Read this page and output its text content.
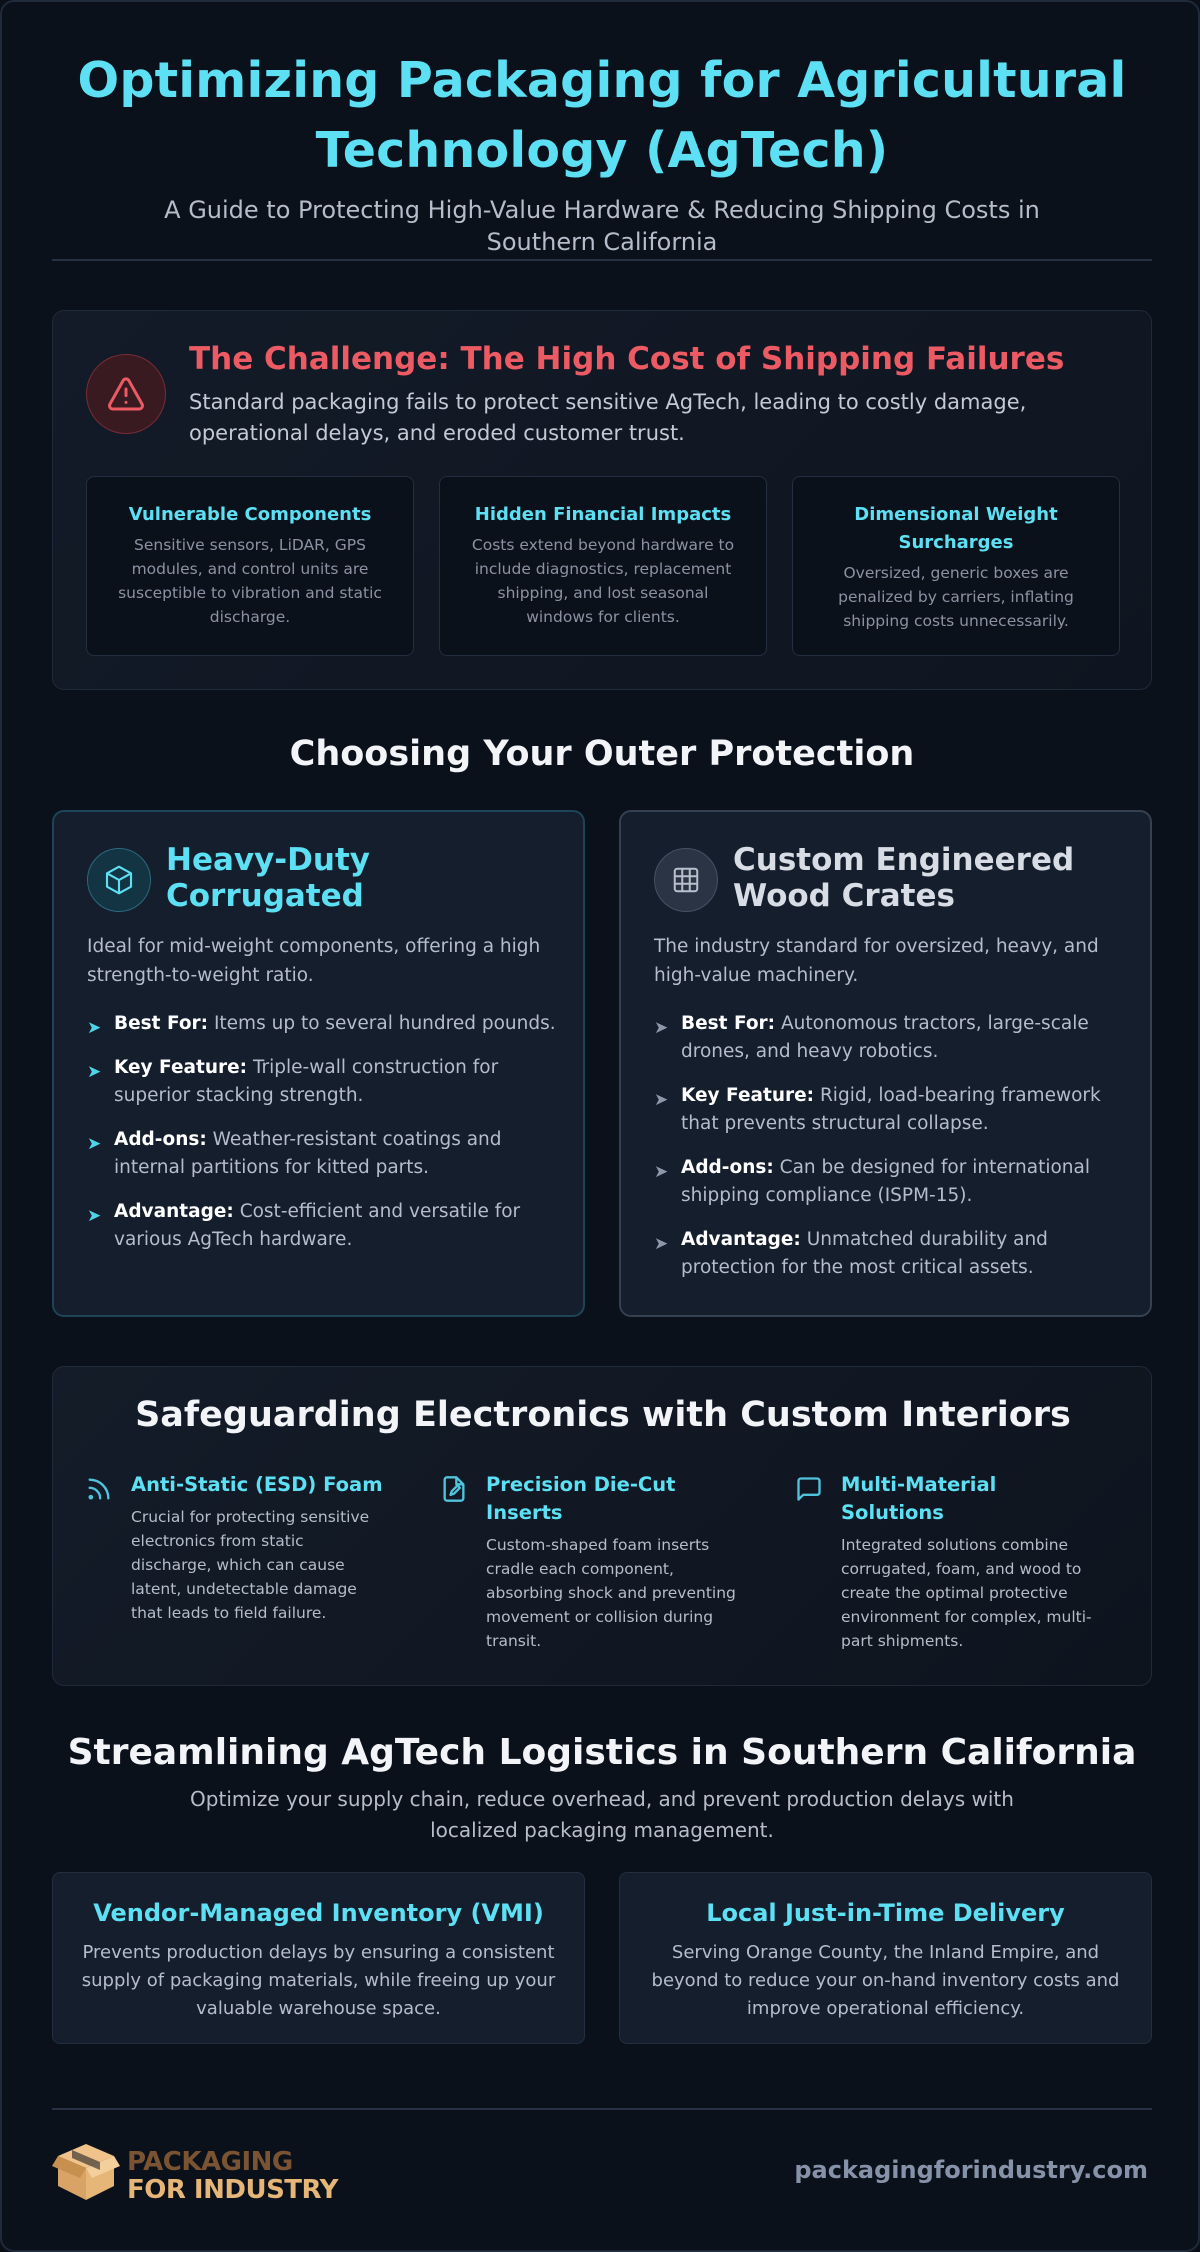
Optimizing Packaging for Agricultural Technology (AgTech)

A Guide to Protecting High-Value Hardware & Reducing Shipping Costs in Southern California

The Challenge: The High Cost of Shipping Failures

Standard packaging fails to protect sensitive AgTech, leading to costly damage, operational delays, and eroded customer trust.

Vulnerable Components
Sensitive sensors, LiDAR, GPS modules, and control units are susceptible to vibration and static discharge.
Hidden Financial Impacts
Costs extend beyond hardware to include diagnostics, replacement shipping, and lost seasonal windows for clients.
Dimensional Weight Surcharges
Oversized, generic boxes are penalized by carriers, inflating shipping costs unnecessarily.
Choosing Your Outer Protection
Heavy-Duty Corrugated

Ideal for mid-weight components, offering a high strength-to-weight ratio.

➤ Best For: Items up to several hundred pounds.
➤ Key Feature: Triple-wall construction for superior stacking strength.
➤ Add-ons: Weather-resistant coatings and internal partitions for kitted parts.
➤ Advantage: Cost-efficient and versatile for various AgTech hardware.
Custom Engineered Wood Crates

The industry standard for oversized, heavy, and high-value machinery.

➤ Best For: Autonomous tractors, large-scale drones, and heavy robotics.
➤ Key Feature: Rigid, load-bearing framework that prevents structural collapse.
➤ Add-ons: Can be designed for international shipping compliance (ISPM-15).
➤ Advantage: Unmatched durability and protection for the most critical assets.
Safeguarding Electronics with Custom Interiors
Anti-Static (ESD) Foam
Crucial for protecting sensitive electronics from static discharge, which can cause latent, undetectable damage that leads to field failure.
Precision Die-Cut Inserts
Custom-shaped foam inserts cradle each component, absorbing shock and preventing movement or collision during transit.
Multi-Material Solutions
Integrated solutions combine corrugated, foam, and wood to create the optimal protective environment for complex, multi-part shipments.
Streamlining AgTech Logistics in Southern California

Optimize your supply chain, reduce overhead, and prevent production delays with localized packaging management.

Vendor-Managed Inventory (VMI)
Prevents production delays by ensuring a consistent supply of packaging materials, while freeing up your valuable warehouse space.
Local Just-in-Time Delivery
Serving Orange County, the Inland Empire, and beyond to reduce your on-hand inventory costs and improve operational efficiency.
PACKAGING
FOR INDUSTRY
packagingforindustry.com
